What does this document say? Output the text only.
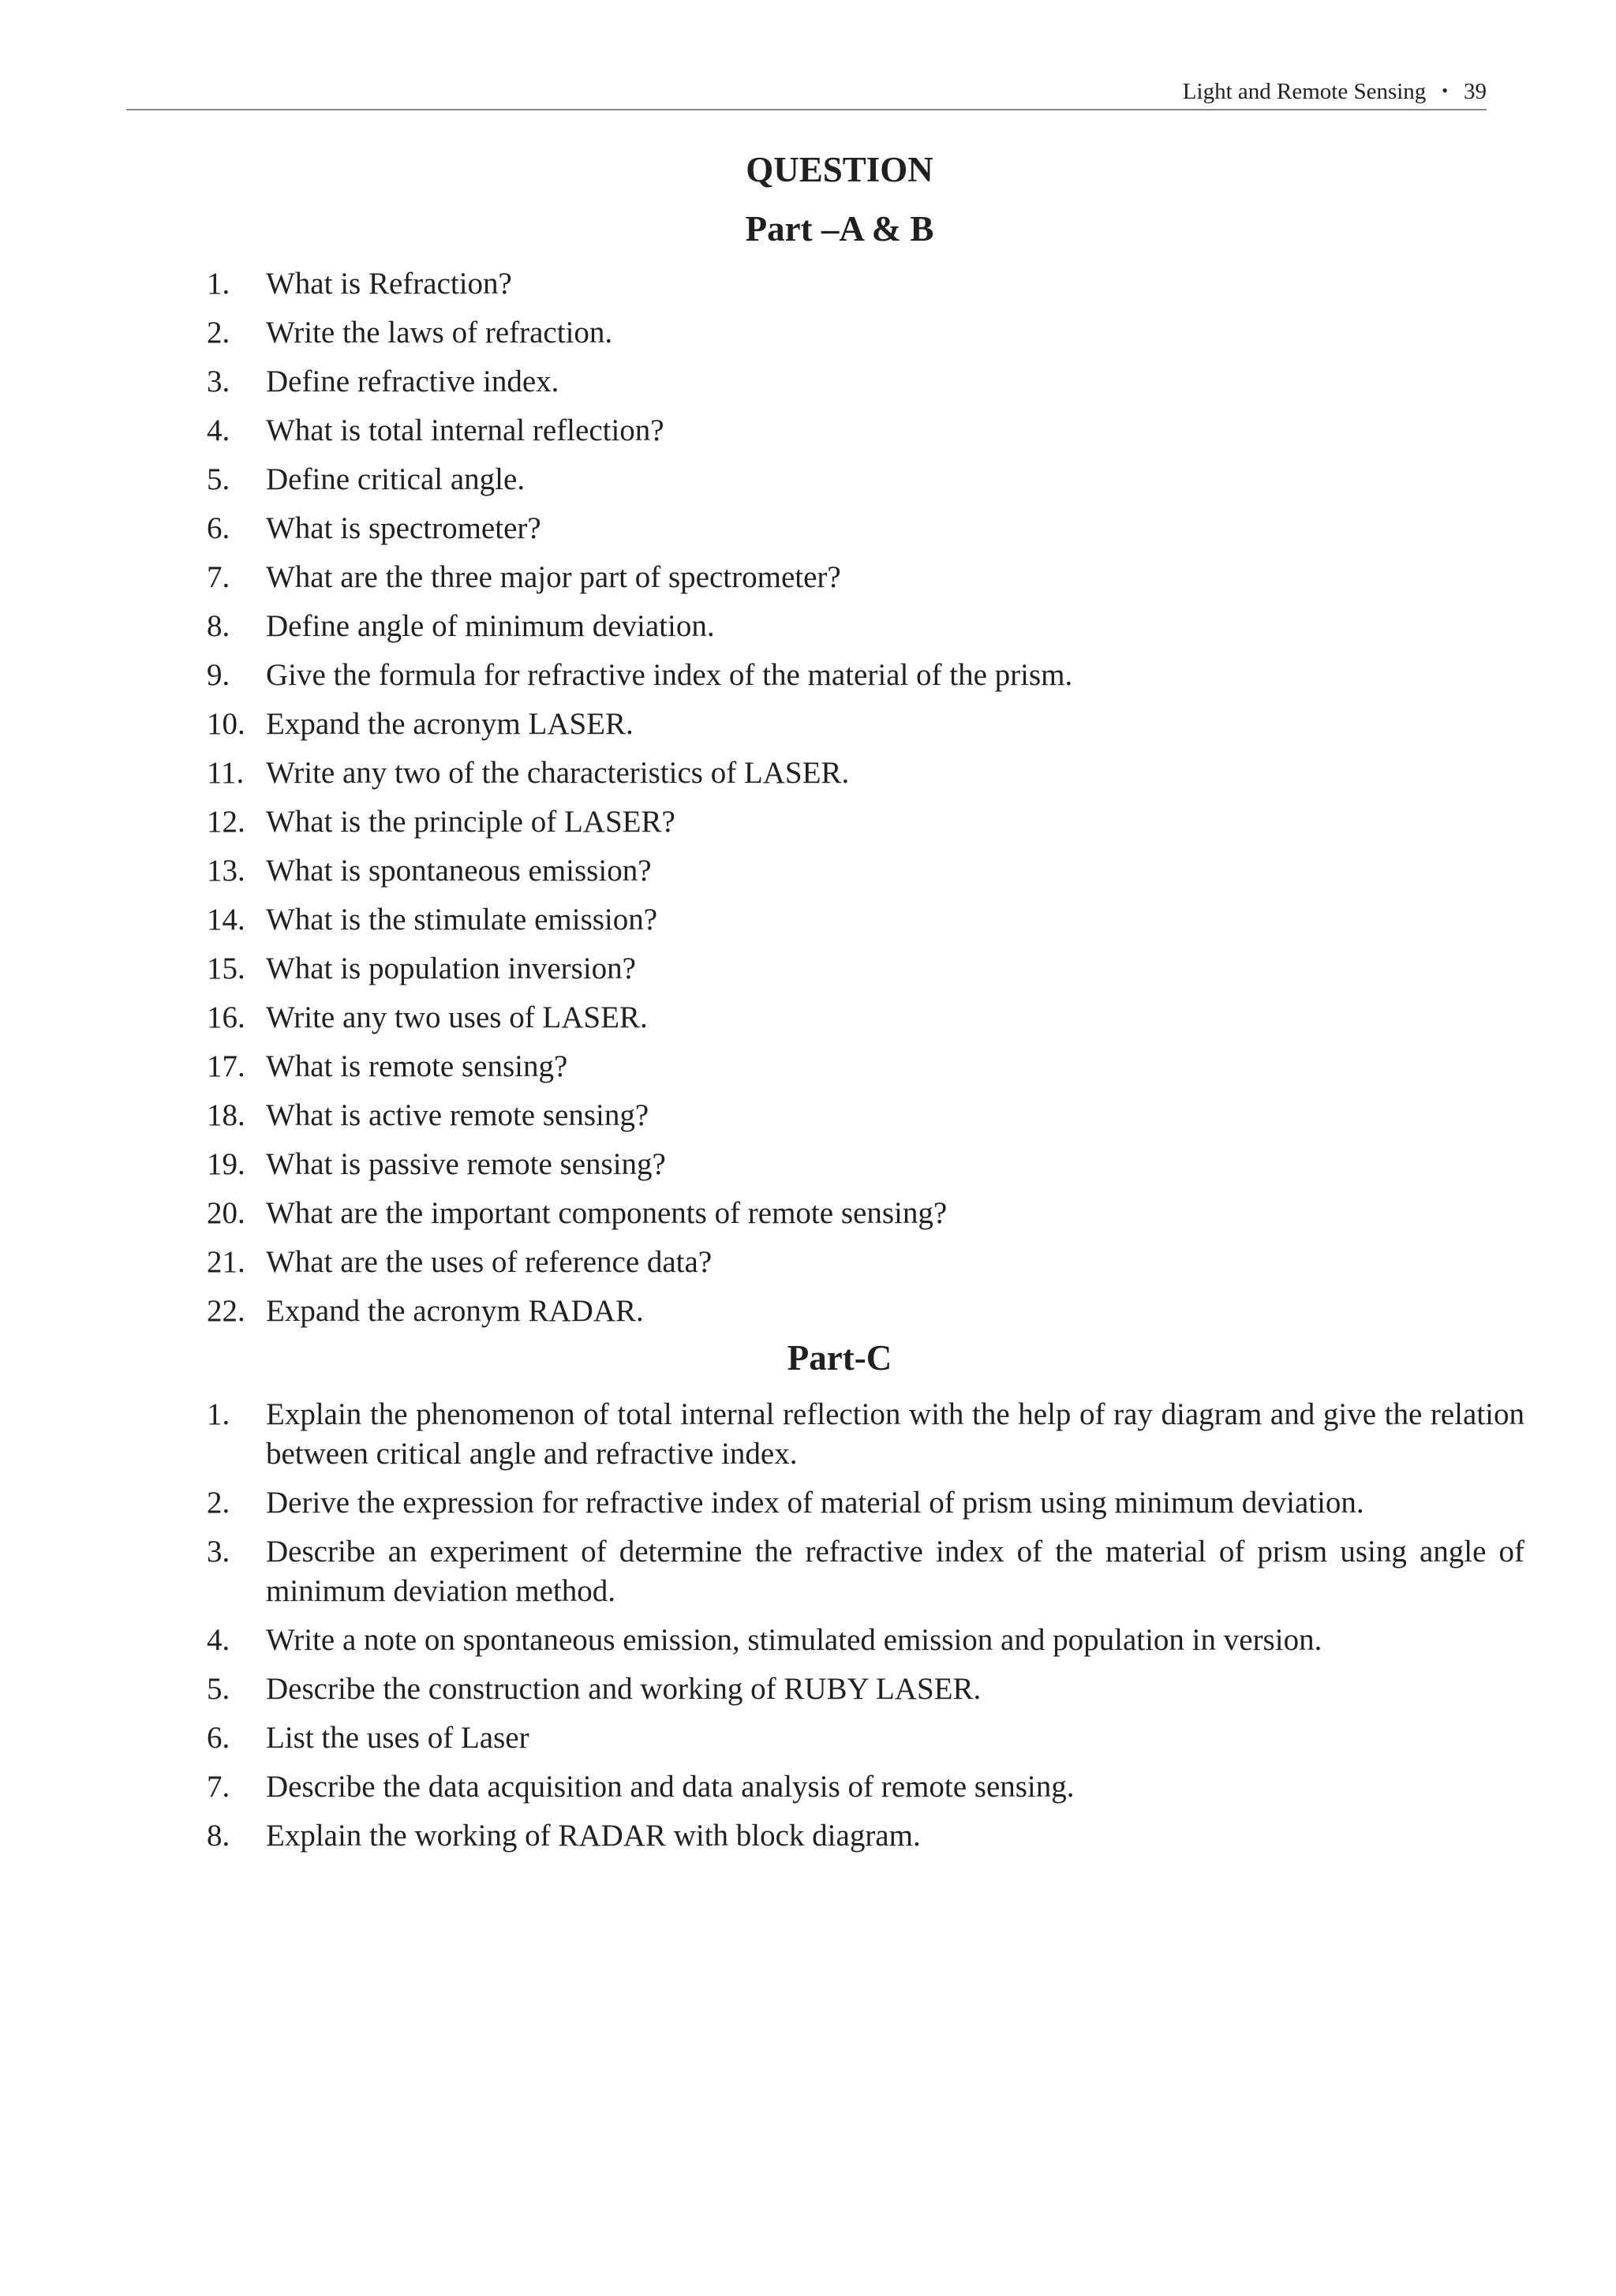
Light and Remote Sensing • 39
QUESTION
Part –A & B
1. What is Refraction?
2. Write the laws of refraction.
3. Define refractive index.
4. What is total internal reflection?
5. Define critical angle.
6. What is spectrometer?
7. What are the three major part of spectrometer?
8. Define angle of minimum deviation.
9. Give the formula for refractive index of the material of the prism.
10. Expand the acronym LASER.
11. Write any two of the characteristics of LASER.
12. What is the principle of LASER?
13. What is spontaneous emission?
14. What is the stimulate emission?
15. What is population inversion?
16. Write any two uses of LASER.
17. What is remote sensing?
18. What is active remote sensing?
19. What is passive remote sensing?
20. What are the important components of remote sensing?
21. What are the uses of reference data?
22. Expand the acronym RADAR.
Part-C
1. Explain the phenomenon of total internal reflection with the help of ray diagram and give the relation between critical angle and refractive index.
2. Derive the expression for refractive index of material of prism using minimum deviation.
3. Describe an experiment of determine the refractive index of the material of prism using angle of minimum deviation method.
4. Write a note on spontaneous emission, stimulated emission and population in version.
5. Describe the construction and working of RUBY LASER.
6. List the uses of Laser
7. Describe the data acquisition and data analysis of remote sensing.
8. Explain the working of RADAR with block diagram.
